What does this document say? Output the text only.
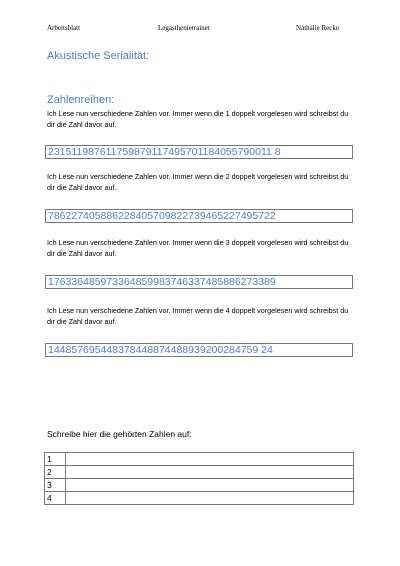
Arbeitsblatt	Legasthenietrainer	Nathalie Recke
Akustische Serialität:
Zahlenreihen:
Ich Lese nun verschiedene Zahlen vor. Immer wenn die 1 doppelt vorgelesen wird schreibst du dir die Zahl davor auf.
231511987611759879117495701184055790011 8
Ich Lese nun verschiedene Zahlen vor. Immer wenn die 2 doppelt vorgelesen wird schreibst du dir die Zahl davor auf.
786227405886228405709822739465227495722
Ich Lese nun verschiedene Zahlen vor. Immer wenn die 3 doppelt vorgelesen wird schreibst du dir die Zahl davor auf.
176336485973364859983746337485886273389
Ich Lese nun verschiedene Zahlen vor. Immer wenn die 4 doppelt vorgelesen wird schreibst du dir die Zahl davor auf.
144857695448378448874488939200284759 24
Schreibe hier die gehörten Zahlen auf:
1	
2	
3	
4	
